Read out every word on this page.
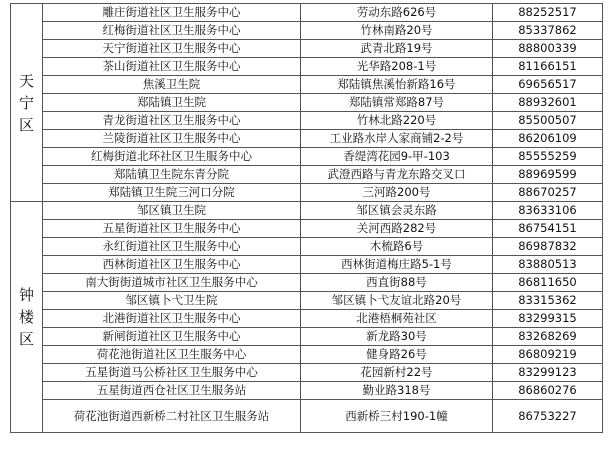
天
宁
区	雕庄街道社区卫生服务中心	劳动东路626号	88252517
	红梅街道社区卫生服务中心	竹林南路20号	85337862
	天宁街道社区卫生服务中心	武青北路19号	88800339
	茶山街道社区卫生服务中心	光华路208-1号	81166151
	焦溪卫生院	郑陆镇焦溪怡新路16号	69656517
	郑陆镇卫生院	郑陆镇常郑路87号	88932601
	青龙街道社区卫生服务中心	竹林北路220号	85500507
	兰陵街道社区卫生服务中心	工业路水岸人家商铺2-2号	86206109
	红梅街道北环社区卫生服务中心	香缇湾花园9-甲-103	85555259
	郑陆镇卫生院东青分院	武澄西路与青龙东路交叉口	88969599
	郑陆镇卫生院三河口分院	三河路200号	88670257

钟
楼
区	邹区镇卫生院	邹区镇会灵东路	83633106
	五星街道社区卫生服务中心	关河西路282号	86754151
	永红街道社区卫生服务中心	木梳路6号	86987832
	西林街道社区卫生服务中心	西林街道梅庄路5-1号	83880513
	南大街街道城市社区卫生服务中心	西直街88号	86811650
	邹区镇卜弋卫生院	邹区镇卜弋友谊北路20号	83315362
	北港街道社区卫生服务中心	北港梧桐苑社区	83299315
	新闸街道社区卫生服务中心	新龙路30号	83268269
	荷花池街道社区卫生服务中心	健身路26号	86809219
	五星街道马公桥社区卫生服务中心	花园新村22号	83299123
	五星街道西仓社区卫生服务站	勤业路318号	86860276
	荷花池街道西新桥二村社区卫生服务站	西新桥三村190-1幢	86753227
